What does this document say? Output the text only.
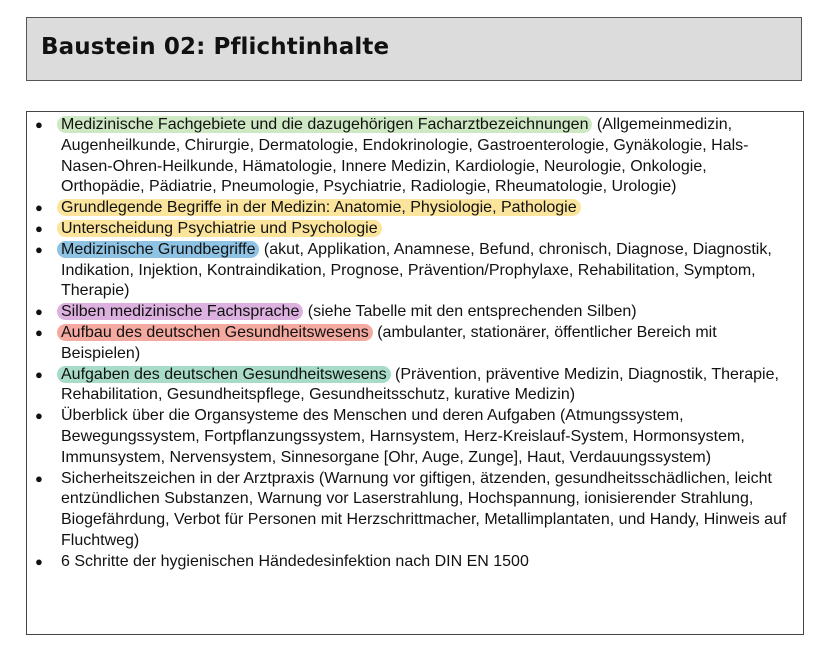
Baustein 02: Pflichtinhalte
● Medizinische Fachgebiete und die dazugehörigen Facharztbezeichnungen (Allgemeinmedizin, Augenheilkunde, Chirurgie, Dermatologie, Endokrinologie, Gastroenterologie, Gynäkologie, Hals-Nasen-Ohren-Heilkunde, Hämatologie, Innere Medizin, Kardiologie, Neurologie, Onkologie, Orthopädie, Pädiatrie, Pneumologie, Psychiatrie, Radiologie, Rheumatologie, Urologie)
● Grundlegende Begriffe in der Medizin: Anatomie, Physiologie, Pathologie
● Unterscheidung Psychiatrie und Psychologie
● Medizinische Grundbegriffe (akut, Applikation, Anamnese, Befund, chronisch, Diagnose, Diagnostik, Indikation, Injektion, Kontraindikation, Prognose, Prävention/Prophylaxe, Rehabilitation, Symptom, Therapie)
● Silben medizinische Fachsprache (siehe Tabelle mit den entsprechenden Silben)
● Aufbau des deutschen Gesundheitswesens (ambulanter, stationärer, öffentlicher Bereich mit Beispielen)
● Aufgaben des deutschen Gesundheitswesens (Prävention, präventive Medizin, Diagnostik, Therapie, Rehabilitation, Gesundheitspflege, Gesundheitsschutz, kurative Medizin)
● Überblick über die Organsysteme des Menschen und deren Aufgaben (Atmungssystem, Bewegungssystem, Fortpflanzungssystem, Harnsystem, Herz-Kreislauf-System, Hormonsystem, Immunsystem, Nervensystem, Sinnesorgane [Ohr, Auge, Zunge], Haut, Verdauungssystem)
● Sicherheitszeichen in der Arztpraxis (Warnung vor giftigen, ätzenden, gesundheitsschädlichen, leicht entzündlichen Substanzen, Warnung vor Laserstrahlung, Hochspannung, ionisierender Strahlung, Biogefährdung, Verbot für Personen mit Herzschrittmacher, Metallimplantaten, und Handy, Hinweis auf Fluchtweg)
● 6 Schritte der hygienischen Händedesinfektion nach DIN EN 1500
